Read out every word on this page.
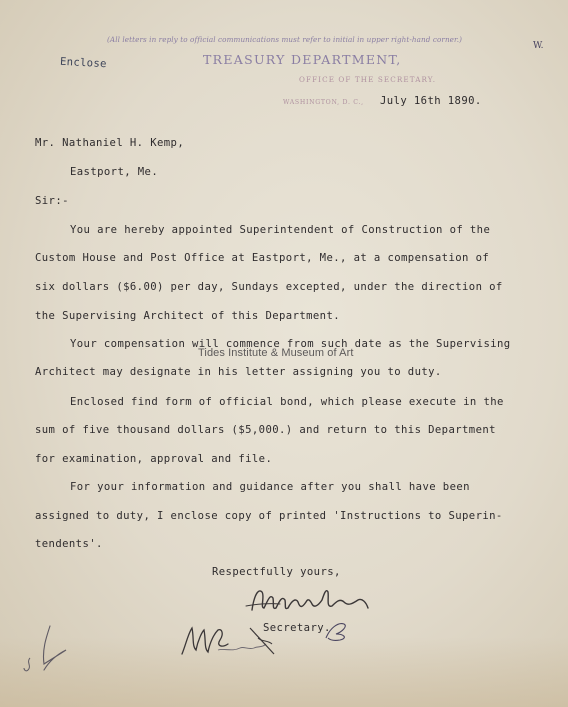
(All letters in reply to official communications must refer to initial in upper right-hand corner.)
TREASURY DEPARTMENT,
OFFICE OF THE SECRETARY.
WASHINGTON, D. C.,
Enclose
W.
July 16th 1890.
Mr. Nathaniel H. Kemp,
Eastport, Me.
Sir:-
You are hereby appointed Superintendent of Construction of the
Custom House and Post Office at Eastport, Me., at a compensation of
six dollars ($6.00) per day, Sundays excepted, under the direction of
the Supervising Architect of this Department.
Your compensation will commence from such date as the Supervising
Architect may designate in his letter assigning you to duty.
Enclosed find form of official bond, which please execute in the
sum of five thousand dollars ($5,000.) and return to this Department
for examination, approval and file.
For your information and guidance after you shall have been
assigned to duty, I enclose copy of printed 'Instructions to Superin-
tendents'.
Respectfully yours,
Secretary.
Tides Institute & Museum of Art
